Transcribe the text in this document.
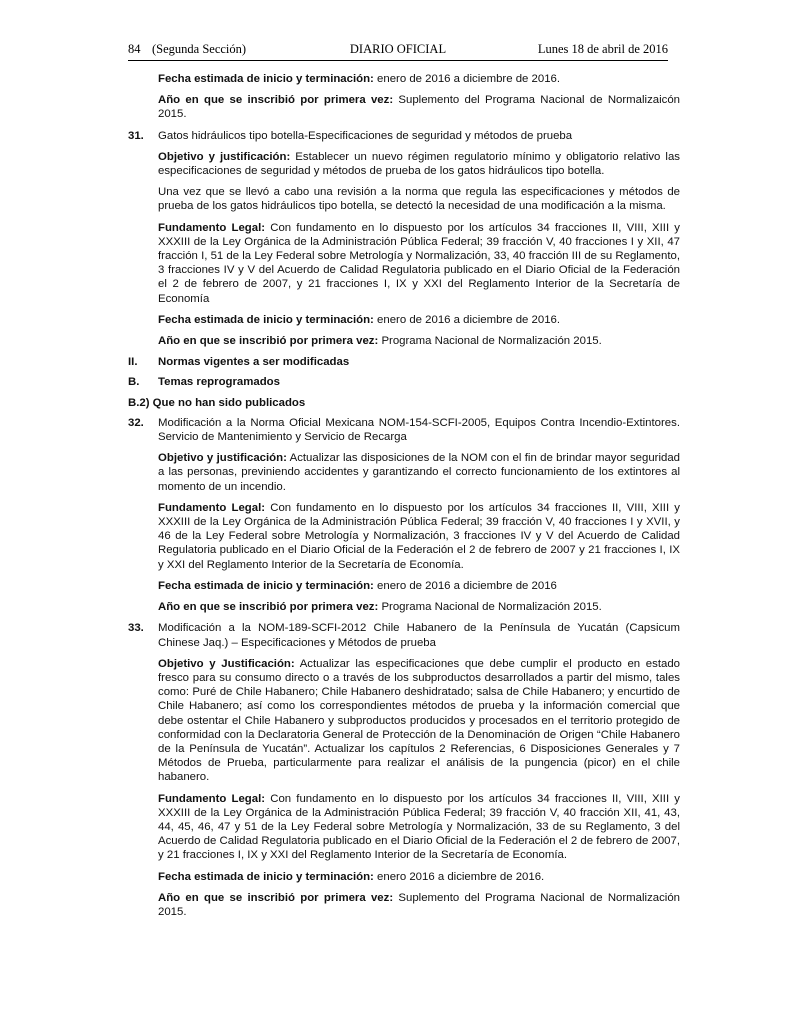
84 (Segunda Sección)	DIARIO OFICIAL	Lunes 18 de abril de 2016

Fecha estimada de inicio y terminación: enero de 2016 a diciembre de 2016.

Año en que se inscribió por primera vez: Suplemento del Programa Nacional de Normalizaicón 2015.

31. Gatos hidráulicos tipo botella-Especificaciones de seguridad y métodos de prueba

Objetivo y justificación: Establecer un nuevo régimen regulatorio mínimo y obligatorio relativo las especificaciones de seguridad y métodos de prueba de los gatos hidráulicos tipo botella.

Una vez que se llevó a cabo una revisión a la norma que regula las especificaciones y métodos de prueba de los gatos hidráulicos tipo botella, se detectó la necesidad de una modificación a la misma.

Fundamento Legal: Con fundamento en lo dispuesto por los artículos 34 fracciones II, VIII, XIII y XXXIII de la Ley Orgánica de la Administración Pública Federal; 39 fracción V, 40 fracciones I y XII, 47 fracción I, 51 de la Ley Federal sobre Metrología y Normalización, 33, 40 fracción III de su Reglamento, 3 fracciones IV y V del Acuerdo de Calidad Regulatoria publicado en el Diario Oficial de la Federación el 2 de febrero de 2007, y 21 fracciones I, IX y XXI del Reglamento Interior de la Secretaría de Economía

Fecha estimada de inicio y terminación: enero de 2016 a diciembre de 2016.

Año en que se inscribió por primera vez: Programa Nacional de Normalización 2015.

II. Normas vigentes a ser modificadas
B. Temas reprogramados
B.2) Que no han sido publicados
32. Modificación a la Norma Oficial Mexicana NOM-154-SCFI-2005, Equipos Contra Incendio-Extintores. Servicio de Mantenimiento y Servicio de Recarga

Objetivo y justificación: Actualizar las disposiciones de la NOM con el fin de brindar mayor seguridad a las personas, previniendo accidentes y garantizando el correcto funcionamiento de los extintores al momento de un incendio.

Fundamento Legal: Con fundamento en lo dispuesto por los artículos 34 fracciones II, VIII, XIII y XXXIII de la Ley Orgánica de la Administración Pública Federal; 39 fracción V, 40 fracciones I y XVII, y 46 de la Ley Federal sobre Metrología y Normalización, 3 fracciones IV y V del Acuerdo de Calidad Regulatoria publicado en el Diario Oficial de la Federación el 2 de febrero de 2007 y 21 fracciones I, IX y XXI del Reglamento Interior de la Secretaría de Economía.

Fecha estimada de inicio y terminación: enero de 2016 a diciembre de 2016

Año en que se inscribió por primera vez: Programa Nacional de Normalización 2015.

33. Modificación a la NOM-189-SCFI-2012 Chile Habanero de la Península de Yucatán (Capsicum Chinese Jaq.) – Especificaciones y Métodos de prueba

Objetivo y Justificación: Actualizar las especificaciones que debe cumplir el producto en estado fresco para su consumo directo o a través de los subproductos desarrollados a partir del mismo, tales como: Puré de Chile Habanero; Chile Habanero deshidratado; salsa de Chile Habanero; y encurtido de Chile Habanero; así como los correspondientes métodos de prueba y la información comercial que debe ostentar el Chile Habanero y subproductos producidos y procesados en el territorio protegido de conformidad con la Declaratoria General de Protección de la Denominación de Origen “Chile Habanero de la Península de Yucatán”. Actualizar los capítulos 2 Referencias, 6 Disposiciones Generales y 7 Métodos de Prueba, particularmente para realizar el análisis de la pungencia (picor) en el chile habanero.

Fundamento Legal: Con fundamento en lo dispuesto por los artículos 34 fracciones II, VIII, XIII y XXXIII de la Ley Orgánica de la Administración Pública Federal; 39 fracción V, 40 fracción XII, 41, 43, 44, 45, 46, 47 y 51 de la Ley Federal sobre Metrología y Normalización, 33 de su Reglamento, 3 del Acuerdo de Calidad Regulatoria publicado en el Diario Oficial de la Federación el 2 de febrero de 2007, y 21 fracciones I, IX y XXI del Reglamento Interior de la Secretaría de Economía.

Fecha estimada de inicio y terminación: enero 2016 a diciembre de 2016.

Año en que se inscribió por primera vez: Suplemento del Programa Nacional de Normalización 2015.
